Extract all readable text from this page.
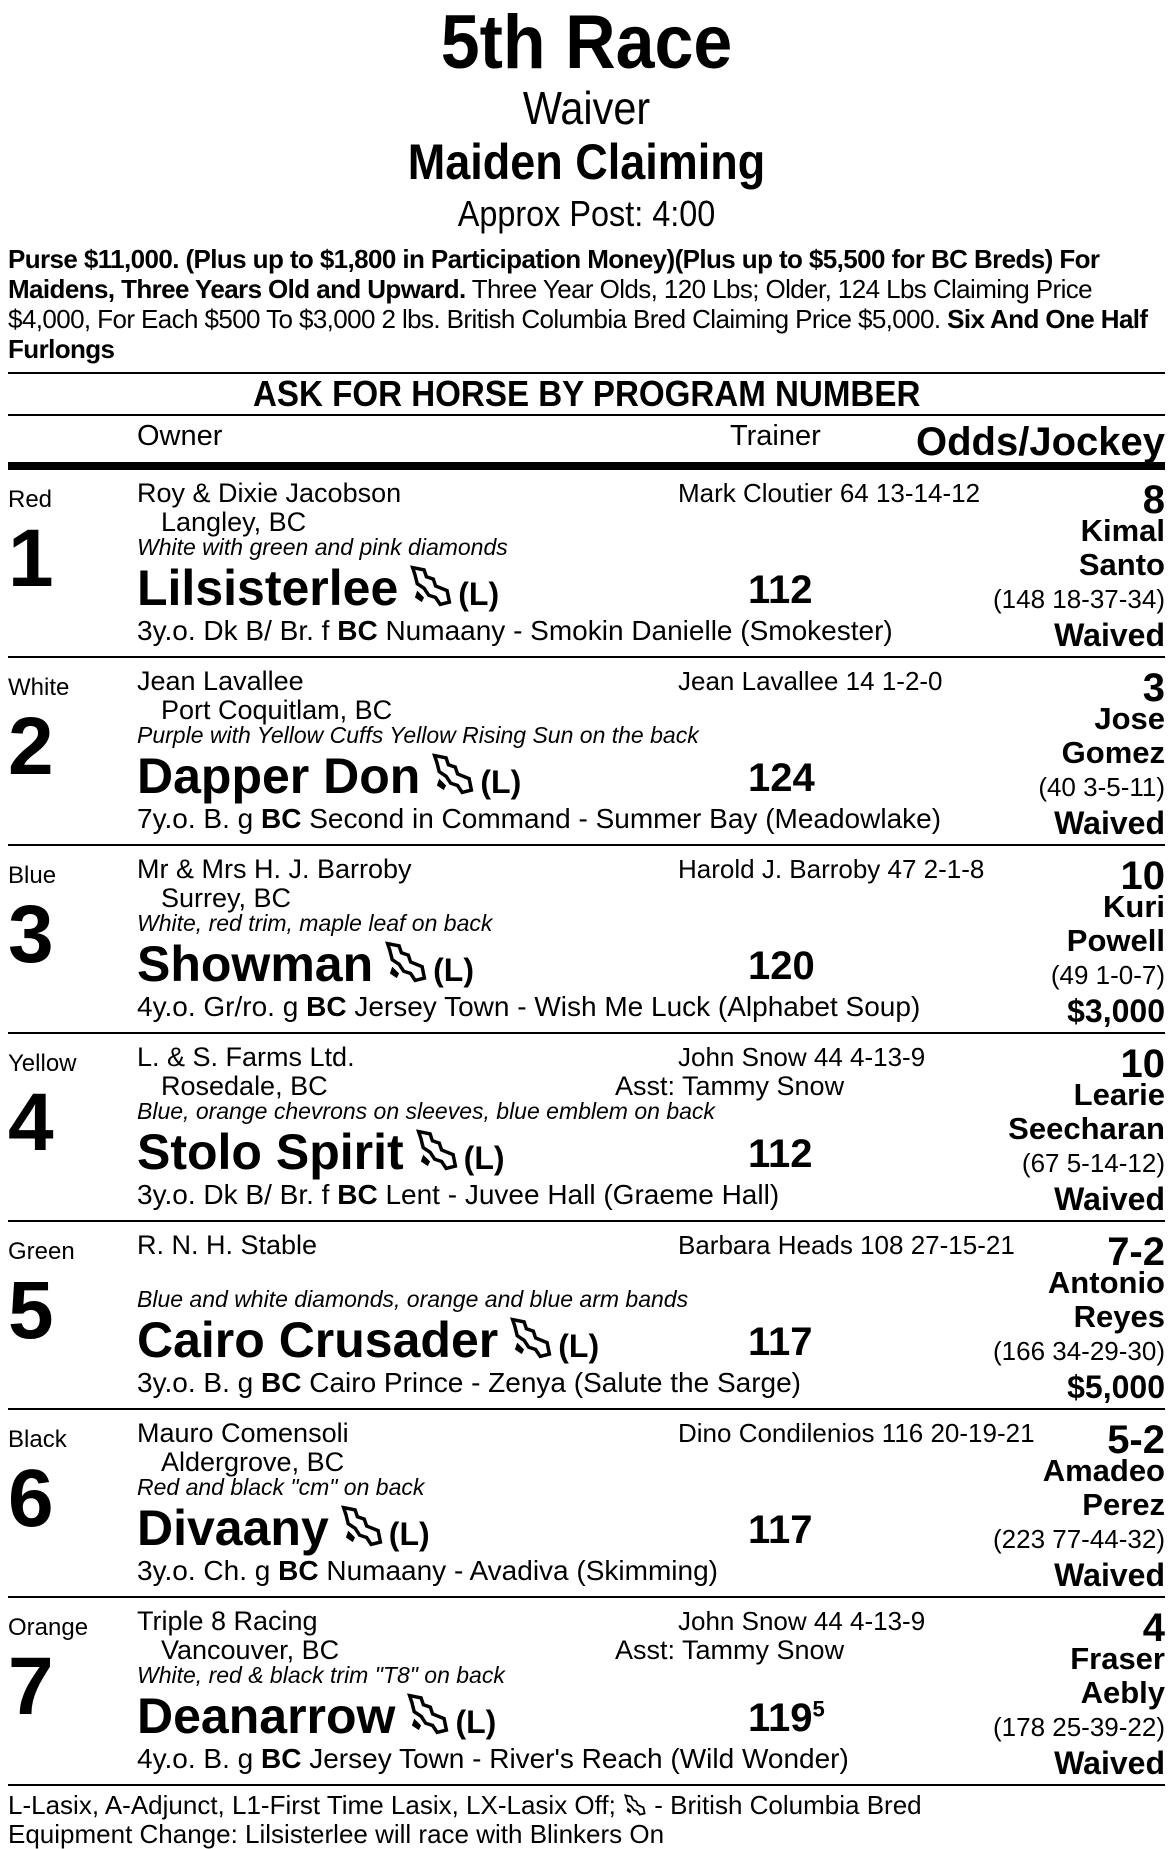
5th Race
Waiver
Maiden Claiming
Approx Post: 4:00
Purse $11,000. (Plus up to $1,800 in Participation Money)(Plus up to $5,500 for BC Breds) For Maidens, Three Years Old and Upward. Three Year Olds, 120 Lbs; Older, 124 Lbs Claiming Price $4,000, For Each $500 To $3,000 2 lbs. British Columbia Bred Claiming Price $5,000. Six And One Half Furlongs
ASK FOR HORSE BY PROGRAM NUMBER
Owner	Trainer Odds/Jockey
Red
1
Roy & Dixie Jacobson
Langley, BC
White with green and pink diamonds
Lilsisterlee (L)
3y.o. Dk B/ Br. f BC Numaany - Smokin Danielle (Smokester)
Mark Cloutier 64 13-14-12
112
8
Kimal
Santo
(148 18-37-34)
Waived
White
2
Jean Lavallee
Port Coquitlam, BC
Purple with Yellow Cuffs Yellow Rising Sun on the back
Dapper Don (L)
7y.o. B. g BC Second in Command - Summer Bay (Meadowlake)
Jean Lavallee 14 1-2-0
124
3
Jose
Gomez
(40 3-5-11)
Waived
Blue
3
Mr & Mrs H. J. Barroby
Surrey, BC
White, red trim, maple leaf on back
Showman (L)
4y.o. Gr/ro. g BC Jersey Town - Wish Me Luck (Alphabet Soup)
Harold J. Barroby 47 2-1-8
120
10
Kuri
Powell
(49 1-0-7)
$3,000
Yellow
4
L. & S. Farms Ltd.
Rosedale, BC
Blue, orange chevrons on sleeves, blue emblem on back
Stolo Spirit (L)
3y.o. Dk B/ Br. f BC Lent - Juvee Hall (Graeme Hall)
John Snow 44 4-13-9
Asst: Tammy Snow
112
10
Learie
Seecharan
(67 5-14-12)
Waived
Green
5
R. N. H. Stable
Blue and white diamonds, orange and blue arm bands
Cairo Crusader (L)
3y.o. B. g BC Cairo Prince - Zenya (Salute the Sarge)
Barbara Heads 108 27-15-21
117
7-2
Antonio
Reyes
(166 34-29-30)
$5,000
Black
6
Mauro Comensoli
Aldergrove, BC
Red and black "cm" on back
Divaany (L)
3y.o. Ch. g BC Numaany - Avadiva (Skimming)
Dino Condilenios 116 20-19-21
117
5-2
Amadeo
Perez
(223 77-44-32)
Waived
Orange
7
Triple 8 Racing
Vancouver, BC
White, red & black trim "T8" on back
Deanarrow (L)
4y.o. B. g BC Jersey Town - River's Reach (Wild Wonder)
John Snow 44 4-13-9
Asst: Tammy Snow
$119^5$
4
Fraser
Aebly
(178 25-39-22)
Waived
L-Lasix, A-Adjunct, L1-First Time Lasix, LX-Lasix Off;  - British Columbia Bred
Equipment Change: Lilsisterlee will race with Blinkers On
